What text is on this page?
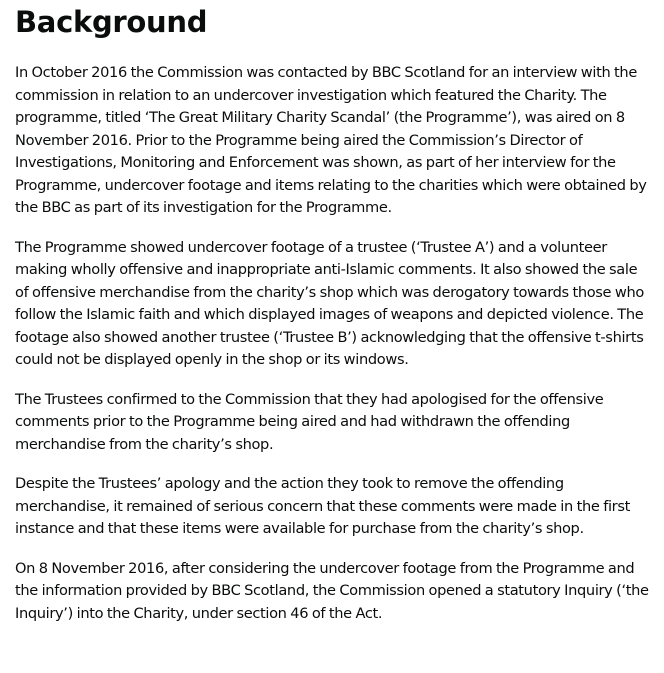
Background

In October 2016 the Commission was contacted by BBC Scotland for an interview with the commission in relation to an undercover investigation which featured the Charity. The programme, titled ‘The Great Military Charity Scandal’ (the Programme’), was aired on 8 November 2016. Prior to the Programme being aired the Commission’s Director of Investigations, Monitoring and Enforcement was shown, as part of her interview for the Programme, undercover footage and items relating to the charities which were obtained by the BBC as part of its investigation for the Programme.

The Programme showed undercover footage of a trustee (‘Trustee A’) and a volunteer making wholly offensive and inappropriate anti-Islamic comments. It also showed the sale of offensive merchandise from the charity’s shop which was derogatory towards those who follow the Islamic faith and which displayed images of weapons and depicted violence. The footage also showed another trustee (‘Trustee B’) acknowledging that the offensive t-shirts could not be displayed openly in the shop or its windows.

The Trustees confirmed to the Commission that they had apologised for the offensive comments prior to the Programme being aired and had withdrawn the offending merchandise from the charity’s shop.

Despite the Trustees’ apology and the action they took to remove the offending merchandise, it remained of serious concern that these comments were made in the first instance and that these items were available for purchase from the charity’s shop.

On 8 November 2016, after considering the undercover footage from the Programme and the information provided by BBC Scotland, the Commission opened a statutory Inquiry (‘the Inquiry’) into the Charity, under section 46 of the Act.
